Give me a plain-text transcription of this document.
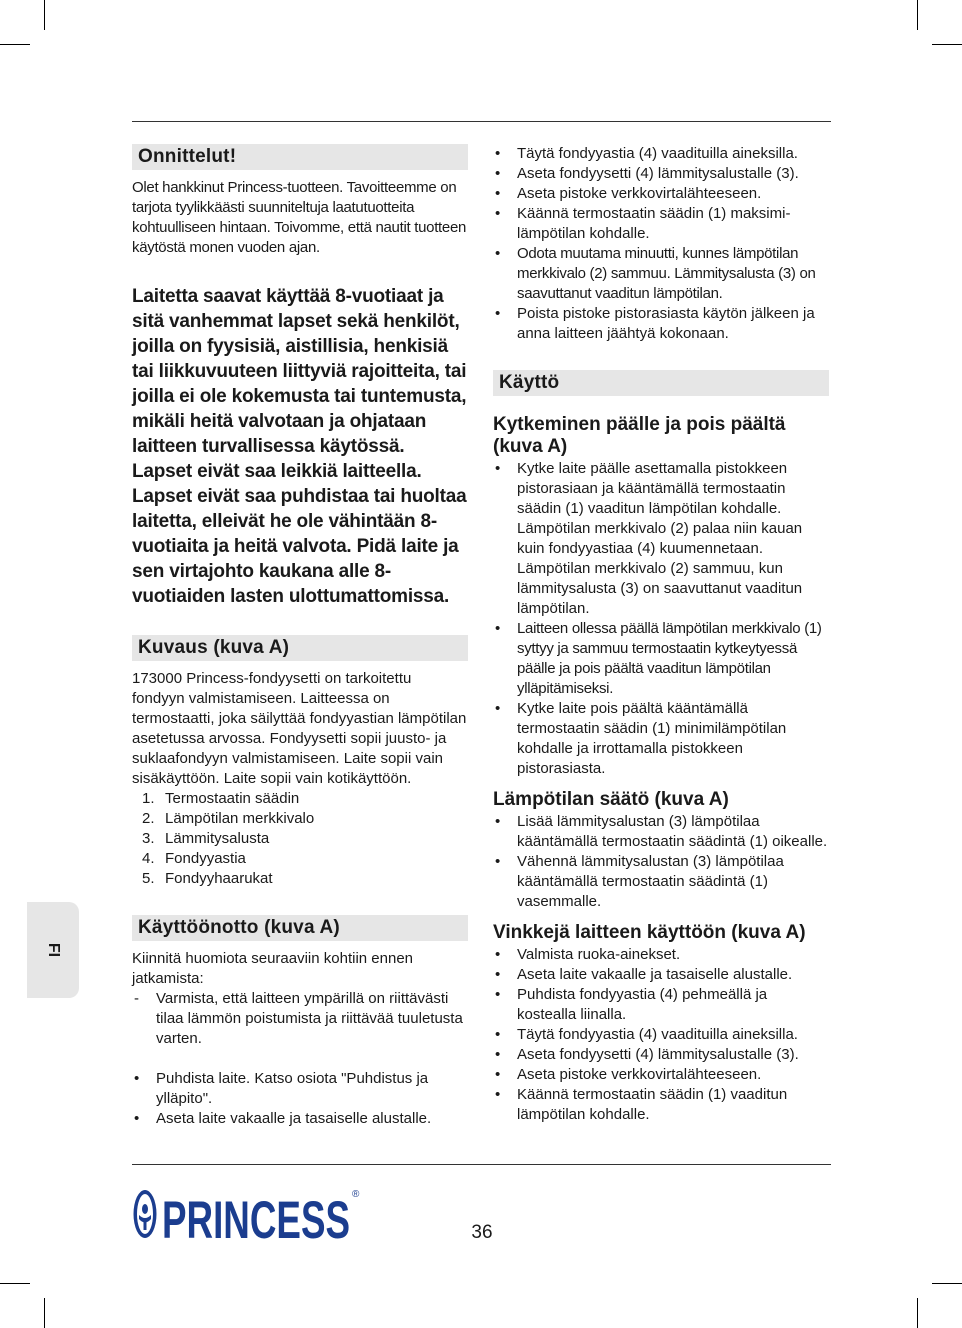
Onnittelut!

Olet hankkinut Princess-tuotteen. Tavoitteemme on tarjota tyylikkäästi suunniteltuja laatutuotteita kohtuulliseen hintaan. Toivomme, että nautit tuotteen käytöstä monen vuoden ajan.

Laitetta saavat käyttää 8-vuotiaat ja sitä vanhemmat lapset sekä henkilöt, joilla on fyysisiä, aistillisia, henkisiä tai liikkuvuuteen liittyviä rajoitteita, tai joilla ei ole kokemusta tai tuntemusta, mikäli heitä valvotaan ja ohjataan laitteen turvallisessa käytössä. Lapset eivät saa leikkiä laitteella. Lapset eivät saa puhdistaa tai huoltaa laitetta, elleivät he ole vähintään 8-vuotiaita ja heitä valvota. Pidä laite ja sen virtajohto kaukana alle 8-vuotiaiden lasten ulottumattomissa.

Kuvaus (kuva A)

173000 Princess-fondyysetti on tarkoitettu fondyyn valmistamiseen. Laitteessa on termostaatti, joka säilyttää fondyyastian lämpötilan asetetussa arvossa. Fondyysetti sopii juusto- ja suklaafondyyn valmistamiseen. Laite sopii vain sisäkäyttöön. Laite sopii vain kotikäyttöön.

1. Termostaatin säädin
2. Lämpötilan merkkivalo
3. Lämmitysalusta
4. Fondyyastia
5. Fondyyhaarukat
Käyttöönotto (kuva A)

Kiinnitä huomiota seuraaviin kohtiin ennen jatkamista:

- Varmista, että laitteen ympärillä on riittävästi tilaa lämmön poistumista ja riittävää tuuletusta varten.
• Puhdista laite. Katso osiota "Puhdistus ja ylläpito".
• Aseta laite vakaalle ja tasaiselle alustalle.
• Täytä fondyyastia (4) vaadituilla aineksilla.
• Aseta fondyysetti (4) lämmitysalustalle (3).
• Aseta pistoke verkkovirtalähteeseen.
• Käännä termostaatin säädin (1) maksimi-lämpötilan kohdalle.
• Odota muutama minuutti, kunnes lämpötilan merkkivalo (2) sammuu. Lämmitysalusta (3) on saavuttanut vaaditun lämpötilan.
• Poista pistoke pistorasiasta käytön jälkeen ja anna laitteen jäähtyä kokonaan.
Käyttö
Kytkeminen päälle ja pois päältä (kuva A)
• Kytke laite päälle asettamalla pistokkeen pistorasiaan ja kääntämällä termostaatin säädin (1) vaaditun lämpötilan kohdalle. Lämpötilan merkkivalo (2) palaa niin kauan kuin fondyyastiaa (4) kuumennetaan. Lämpötilan merkkivalo (2) sammuu, kun lämmitysalusta (3) on saavuttanut vaaditun lämpötilan.
• Laitteen ollessa päällä lämpötilan merkkivalo (1) syttyy ja sammuu termostaatin kytkeytyessä päälle ja pois päältä vaaditun lämpötilan ylläpitämiseksi.
• Kytke laite pois päältä kääntämällä termostaatin säädin (1) minimilämpötilan kohdalle ja irrottamalla pistokkeen pistorasiasta.
Lämpötilan säätö (kuva A)
• Lisää lämmitysalustan (3) lämpötilaa kääntämällä termostaatin säädintä (1) oikealle.
• Vähennä lämmitysalustan (3) lämpötilaa kääntämällä termostaatin säädintä (1) vasemmalle.
Vinkkejä laitteen käyttöön (kuva A)
• Valmista ruoka-ainekset.
• Aseta laite vakaalle ja tasaiselle alustalle.
• Puhdista fondyyastia (4) pehmeällä ja kostealla liinalla.
• Täytä fondyyastia (4) vaadituilla aineksilla.
• Aseta fondyysetti (4) lämmitysalustalle (3).
• Aseta pistoke verkkovirtalähteeseen.
• Käännä termostaatin säädin (1) vaaditun lämpötilan kohdalle.
FI
PRINCESS ®
36
